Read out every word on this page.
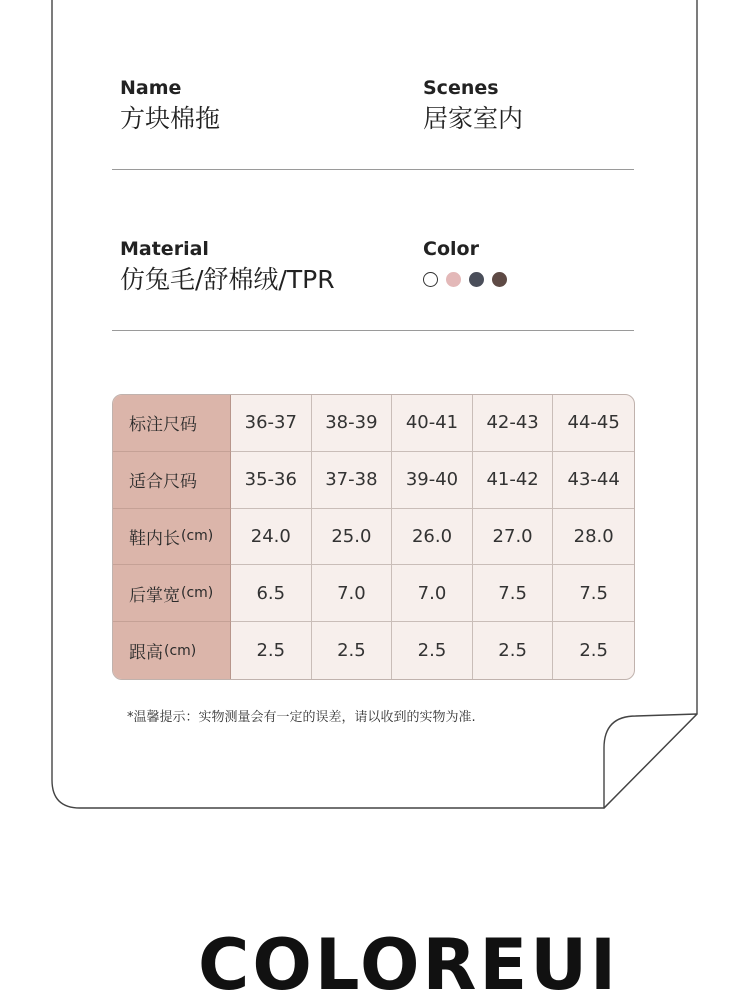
Name
方块棉拖
Scenes
居家室内
Material
仿兔毛/舒棉绒/TPR
Color
标注尺码	36-37	38-39	40-41	42-43	44-45
适合尺码	35-36	37-38	39-40	41-42	43-44
鞋内长 (cm)	24.0	25.0	26.0	27.0	28.0
后掌宽 (cm)	6.5	7.0	7.0	7.5	7.5
跟高 (cm)	2.5	2.5	2.5	2.5	2.5
*温馨提示：实物测量会有一定的误差，请以收到的实物为准.
COLOREUI
